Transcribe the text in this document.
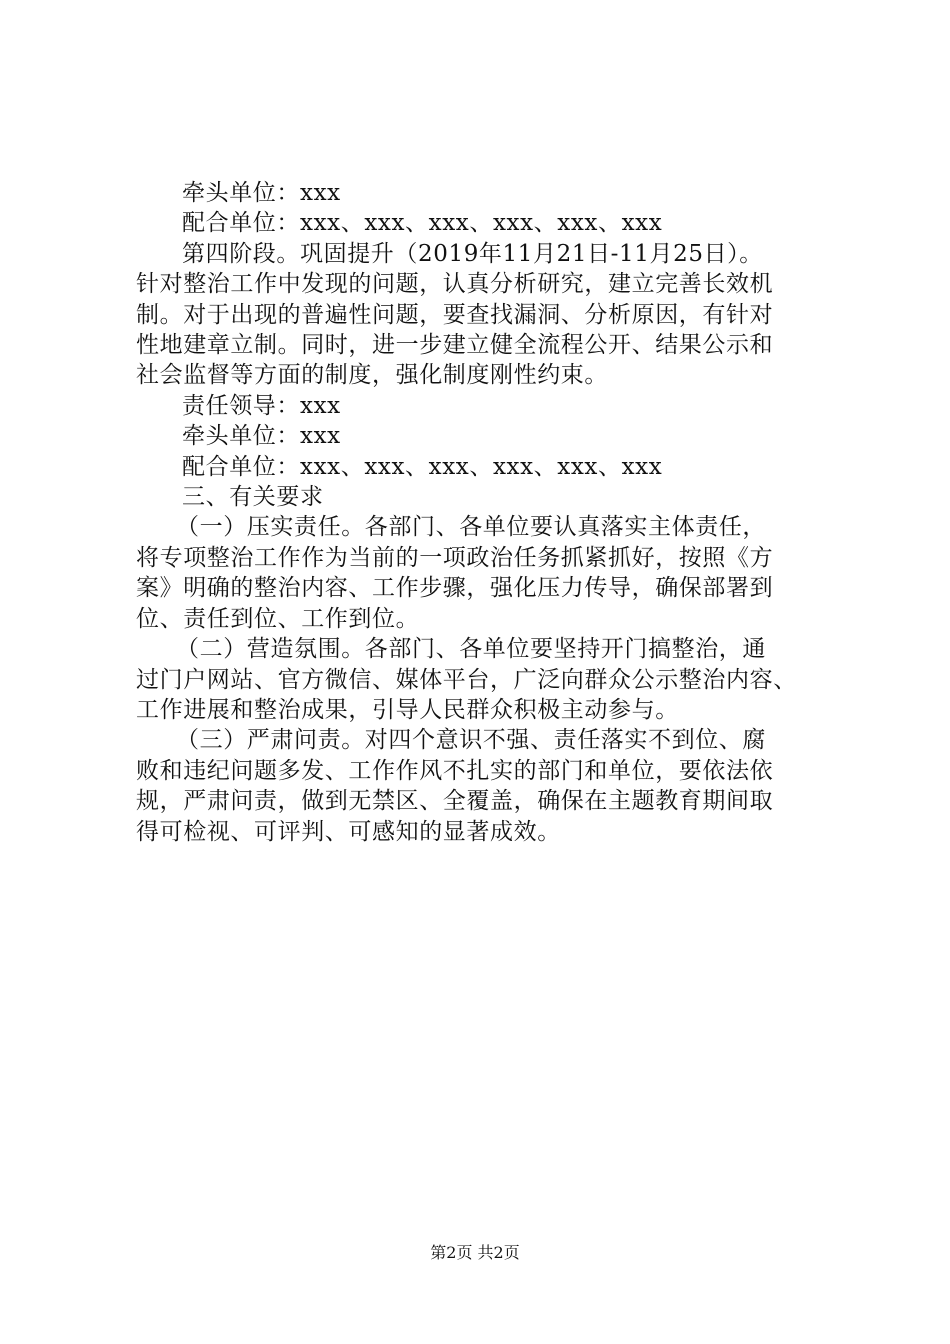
牵头单位：xxx
配合单位：xxx、xxx、xxx、xxx、xxx、xxx
第四阶段。巩固提升（2019年11月21日-11月25日）。
针对整治工作中发现的问题，认真分析研究，建立完善长效机
制。对于出现的普遍性问题，要查找漏洞、分析原因，有针对
性地建章立制。同时，进一步建立健全流程公开、结果公示和
社会监督等方面的制度，强化制度刚性约束。
责任领导：xxx
牵头单位：xxx
配合单位：xxx、xxx、xxx、xxx、xxx、xxx
三、有关要求
（一）压实责任。各部门、各单位要认真落实主体责任，
将专项整治工作作为当前的一项政治任务抓紧抓好，按照《方
案》明确的整治内容、工作步骤，强化压力传导，确保部署到
位、责任到位、工作到位。
（二）营造氛围。各部门、各单位要坚持开门搞整治，通
过门户网站、官方微信、媒体平台，广泛向群众公示整治内容、
工作进展和整治成果，引导人民群众积极主动参与。
（三）严肃问责。对四个意识不强、责任落实不到位、腐
败和违纪问题多发、工作作风不扎实的部门和单位，要依法依
规，严肃问责，做到无禁区、全覆盖，确保在主题教育期间取
得可检视、可评判、可感知的显著成效。
第2页 共2页
